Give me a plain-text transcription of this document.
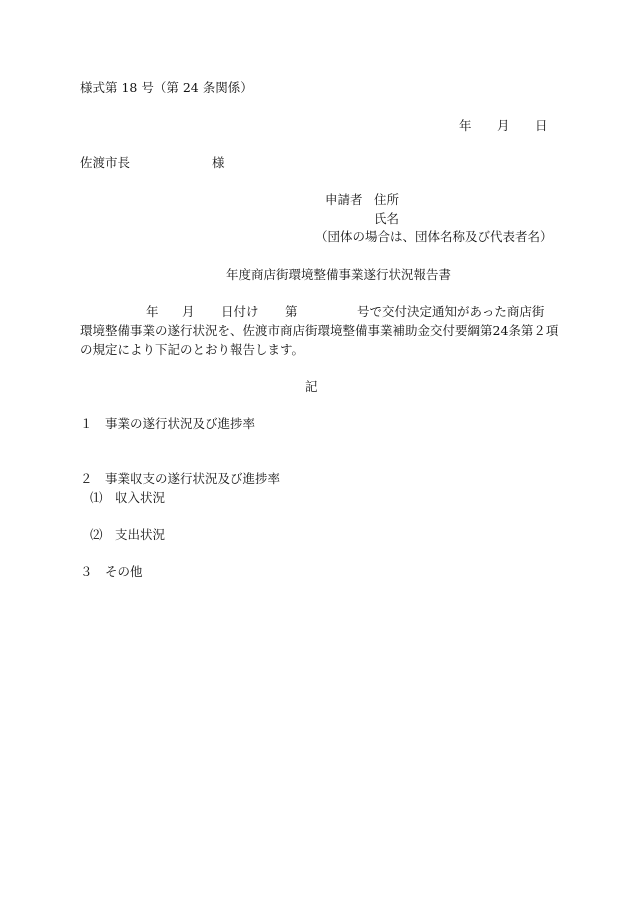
様式第 18 号（第 24 条関係）
年 月 日
佐渡市長	様
申請者 住所
氏名
（団体の場合は、団体名称及び代表者名）
年度商店街環境整備事業遂行状況報告書
年 月 日付け 第	号で交付決定通知があった商店街
環境整備事業の遂行状況を、佐渡市商店街環境整備事業補助金交付要綱第24条第２項
の規定により下記のとおり報告します。
記
１　事業の遂行状況及び進捗率
２　事業収支の遂行状況及び進捗率
⑴　収入状況
⑵　支出状況
３　その他
